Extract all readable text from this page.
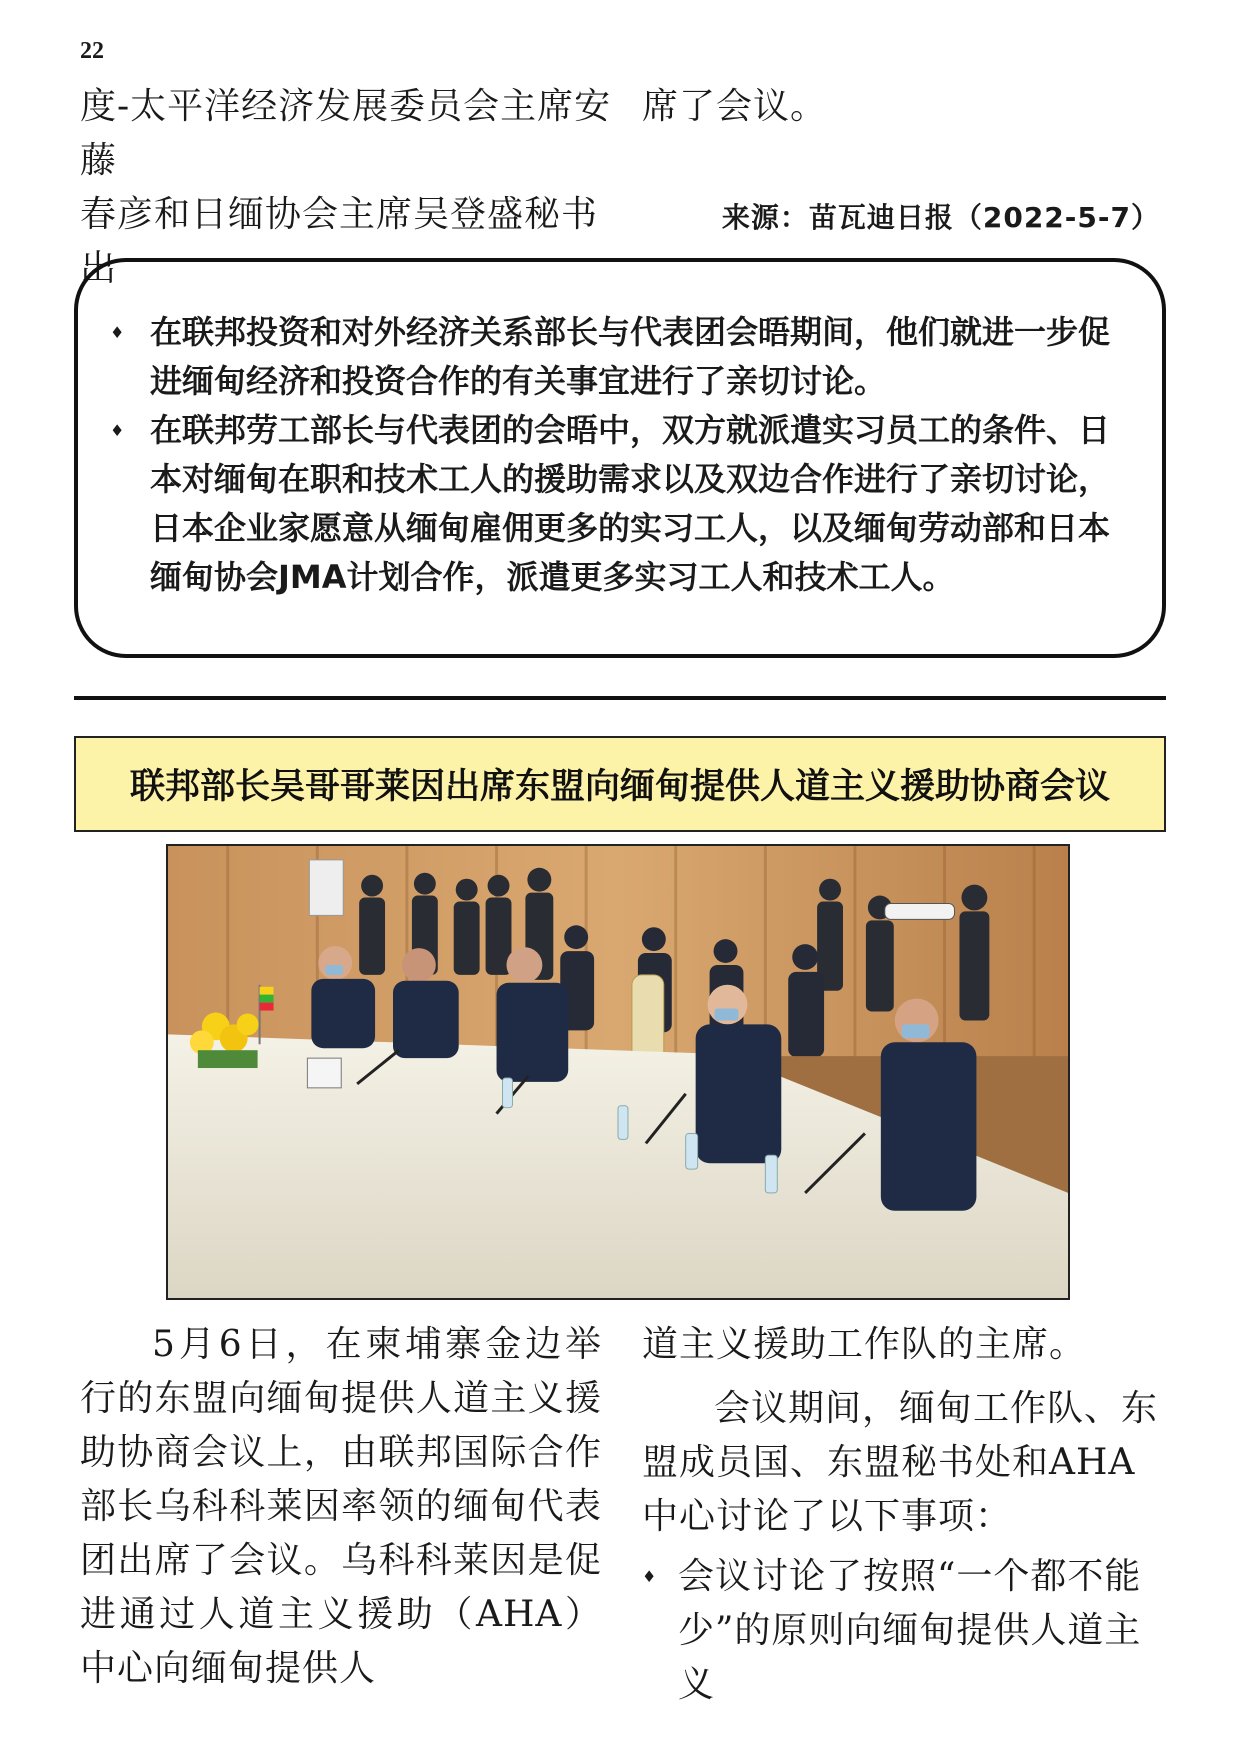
22

度-太平洋经济发展委员会主席安藤

春彦和日缅协会主席吴登盛秘书出

席了会议。

来源：苗瓦迪日报（2022-5-7）
♦ 在联邦投资和对外经济关系部长与代表团会晤期间，他们就进一步促进缅甸经济和投资合作的有关事宜进行了亲切讨论。
♦ 在联邦劳工部长与代表团的会晤中，双方就派遣实习员工的条件、日本对缅甸在职和技术工人的援助需求以及双边合作进行了亲切讨论，日本企业家愿意从缅甸雇佣更多的实习工人，以及缅甸劳动部和日本缅甸协会JMA计划合作，派遣更多实习工人和技术工人。
联邦部长吴哥哥莱因出席东盟向缅甸提供人道主义援助协商会议

5月6日，在柬埔寨金边举行的东盟向缅甸提供人道主义援助协商会议上，由联邦国际合作部长乌科科莱因率领的缅甸代表团出席了会议。乌科科莱因是促进通过人道主义援助（AHA）中心向缅甸提供人

道主义援助工作队的主席。

会议期间，缅甸工作队、东盟成员国、东盟秘书处和AHA中心讨论了以下事项：

♦ 会议讨论了按照“一个都不能少”的原则向缅甸提供人道主义
